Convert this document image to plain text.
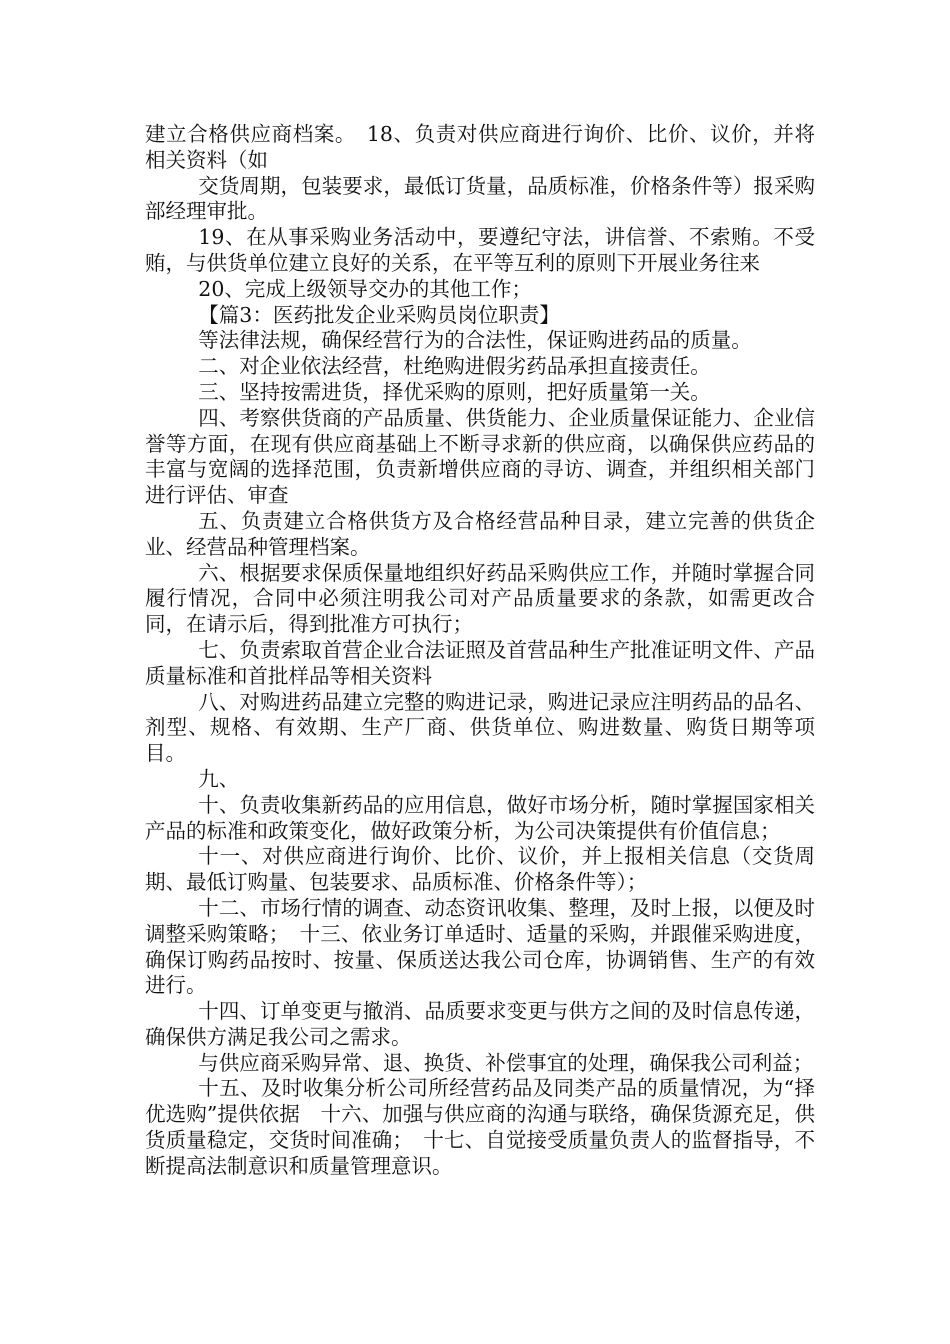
建立合格供应商档案。　18、负责对供应商进行询价、比价、议价，并将相关资料（如

交货周期，包装要求，最低订货量，品质标准，价格条件等）报采购部经理审批。

19、在从事采购业务活动中，要遵纪守法，讲信誉、不索贿。不受贿，与供货单位建立良好的关系，在平等互利的原则下开展业务往来

20、完成上级领导交办的其他工作；

【篇3：医药批发企业采购员岗位职责】

等法律法规，确保经营行为的合法性，保证购进药品的质量。

二、对企业依法经营，杜绝购进假劣药品承担直接责任。

三、坚持按需进货，择优采购的原则，把好质量第一关。

四、考察供货商的产品质量、供货能力、企业质量保证能力、企业信誉等方面，在现有供应商基础上不断寻求新的供应商，以确保供应药品的丰富与宽阔的选择范围，负责新增供应商的寻访、调查，并组织相关部门进行评估、审查

五、负责建立合格供货方及合格经营品种目录，建立完善的供货企业、经营品种管理档案。

六、根据要求保质保量地组织好药品采购供应工作，并随时掌握合同履行情况，合同中必须注明我公司对产品质量要求的条款，如需更改合同，在请示后，得到批准方可执行；

七、负责索取首营企业合法证照及首营品种生产批准证明文件、产品质量标准和首批样品等相关资料

八、对购进药品建立完整的购进记录，购进记录应注明药品的品名、剂型、规格、有效期、生产厂商、供货单位、购进数量、购货日期等项目。

九、

十、负责收集新药品的应用信息，做好市场分析，随时掌握国家相关产品的标准和政策变化，做好政策分析，为公司决策提供有价值信息；

十一、对供应商进行询价、比价、议价，并上报相关信息（交货周期、最低订购量、包装要求、品质标准、价格条件等）；

十二、市场行情的调查、动态资讯收集、整理，及时上报，以便及时调整采购策略；　十三、依业务订单适时、适量的采购，并跟催采购进度，确保订购药品按时、按量、保质送达我公司仓库，协调销售、生产的有效进行。

十四、订单变更与撤消、品质要求变更与供方之间的及时信息传递，确保供方满足我公司之需求。

与供应商采购异常、退、换货、补偿事宜的处理，确保我公司利益；

十五、及时收集分析公司所经营药品及同类产品的质量情况，为“择优选购”提供依据　十六、加强与供应商的沟通与联络，确保货源充足，供货质量稳定，交货时间准确；　十七、自觉接受质量负责人的监督指导，不断提高法制意识和质量管理意识。
